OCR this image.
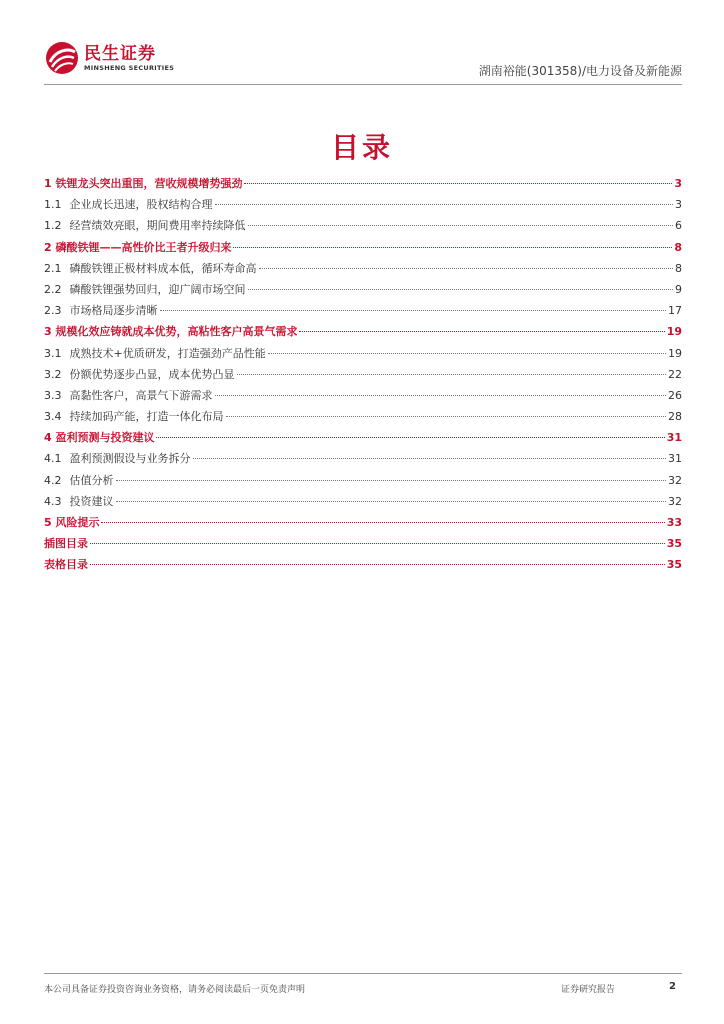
民生证券
MINSHENG SECURITIES	湖南裕能(301358)/电力设备及新能源
目录
1 铁锂龙头突出重围，营收规模增势强劲	3
1.1 企业成长迅速，股权结构合理	3
1.2 经营绩效亮眼，期间费用率持续降低	6
2 磷酸铁锂——高性价比王者升级归来	8
2.1 磷酸铁锂正极材料成本低，循环寿命高	8
2.2 磷酸铁锂强势回归，迎广阔市场空间	9
2.3 市场格局逐步清晰	17
3 规模化效应铸就成本优势，高粘性客户高景气需求	19
3.1 成熟技术+优质研发，打造强劲产品性能	19
3.2 份额优势逐步凸显，成本优势凸显	22
3.3 高黏性客户，高景气下游需求	26
3.4 持续加码产能，打造一体化布局	28
4 盈利预测与投资建议	31
4.1 盈利预测假设与业务拆分	31
4.2 估值分析	32
4.3 投资建议	32
5 风险提示	33
插图目录	35
表格目录	35
本公司具备证券投资咨询业务资格，请务必阅读最后一页免责声明	证券研究报告	2
